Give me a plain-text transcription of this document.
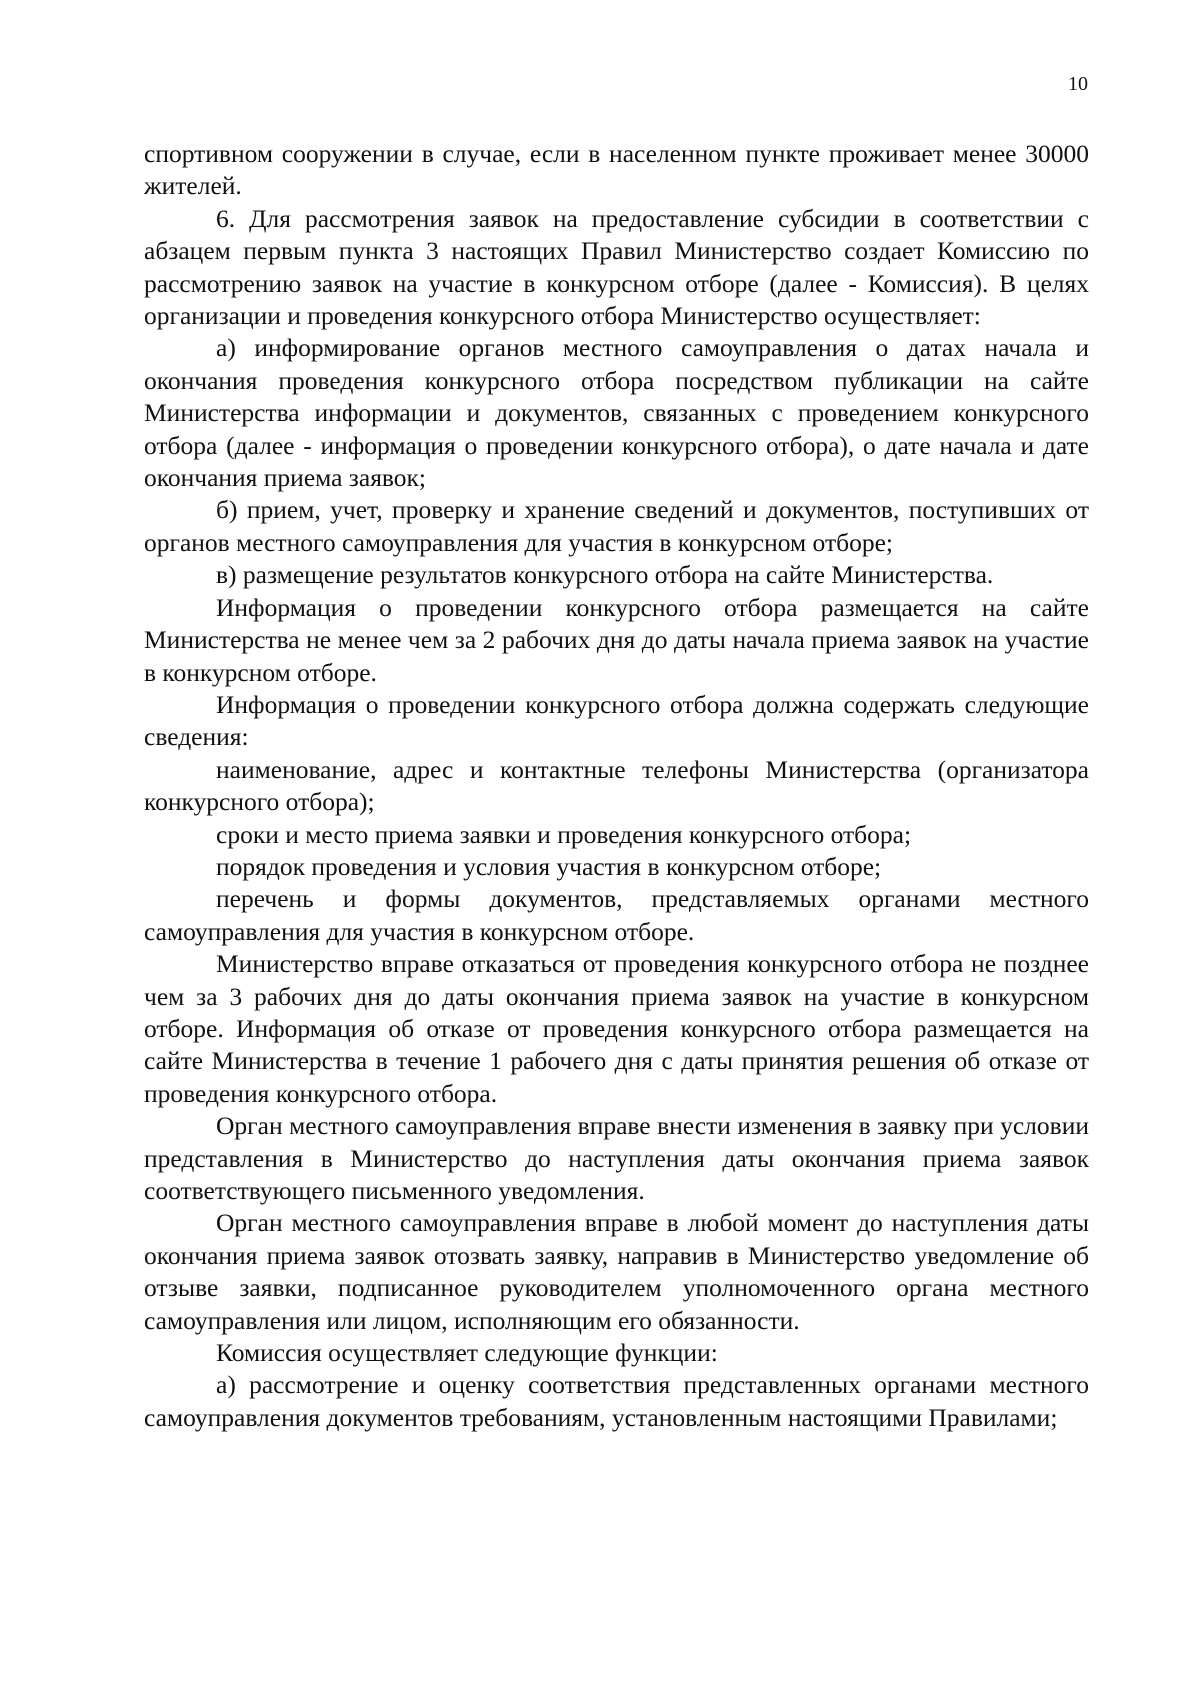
10

спортивном сооружении в случае, если в населенном пункте проживает менее 30000 жителей.

6. Для рассмотрения заявок на предоставление субсидии в соответствии с абзацем первым пункта 3 настоящих Правил Министерство создает Комиссию по рассмотрению заявок на участие в конкурсном отборе (далее - Комиссия). В целях организации и проведения конкурсного отбора Министерство осуществляет:

а) информирование органов местного самоуправления о датах начала и окончания проведения конкурсного отбора посредством публикации на сайте Министерства информации и документов, связанных с проведением конкурсного отбора (далее - информация о проведении конкурсного отбора), о дате начала и дате окончания приема заявок;

б) прием, учет, проверку и хранение сведений и документов, поступивших от органов местного самоуправления для участия в конкурсном отборе;

в) размещение результатов конкурсного отбора на сайте Министерства.

Информация о проведении конкурсного отбора размещается на сайте Министерства не менее чем за 2 рабочих дня до даты начала приема заявок на участие в конкурсном отборе.

Информация о проведении конкурсного отбора должна содержать следующие сведения:

наименование, адрес и контактные телефоны Министерства (организатора конкурсного отбора);

сроки и место приема заявки и проведения конкурсного отбора;

порядок проведения и условия участия в конкурсном отборе;

перечень и формы документов, представляемых органами местного самоуправления для участия в конкурсном отборе.

Министерство вправе отказаться от проведения конкурсного отбора не позднее чем за 3 рабочих дня до даты окончания приема заявок на участие в конкурсном отборе. Информация об отказе от проведения конкурсного отбора размещается на сайте Министерства в течение 1 рабочего дня с даты принятия решения об отказе от проведения конкурсного отбора.

Орган местного самоуправления вправе внести изменения в заявку при условии представления в Министерство до наступления даты окончания приема заявок соответствующего письменного уведомления.

Орган местного самоуправления вправе в любой момент до наступления даты окончания приема заявок отозвать заявку, направив в Министерство уведомление об отзыве заявки, подписанное руководителем уполномоченного органа местного самоуправления или лицом, исполняющим его обязанности.

Комиссия осуществляет следующие функции:

а) рассмотрение и оценку соответствия представленных органами местного самоуправления документов требованиям, установленным настоящими Правилами;
